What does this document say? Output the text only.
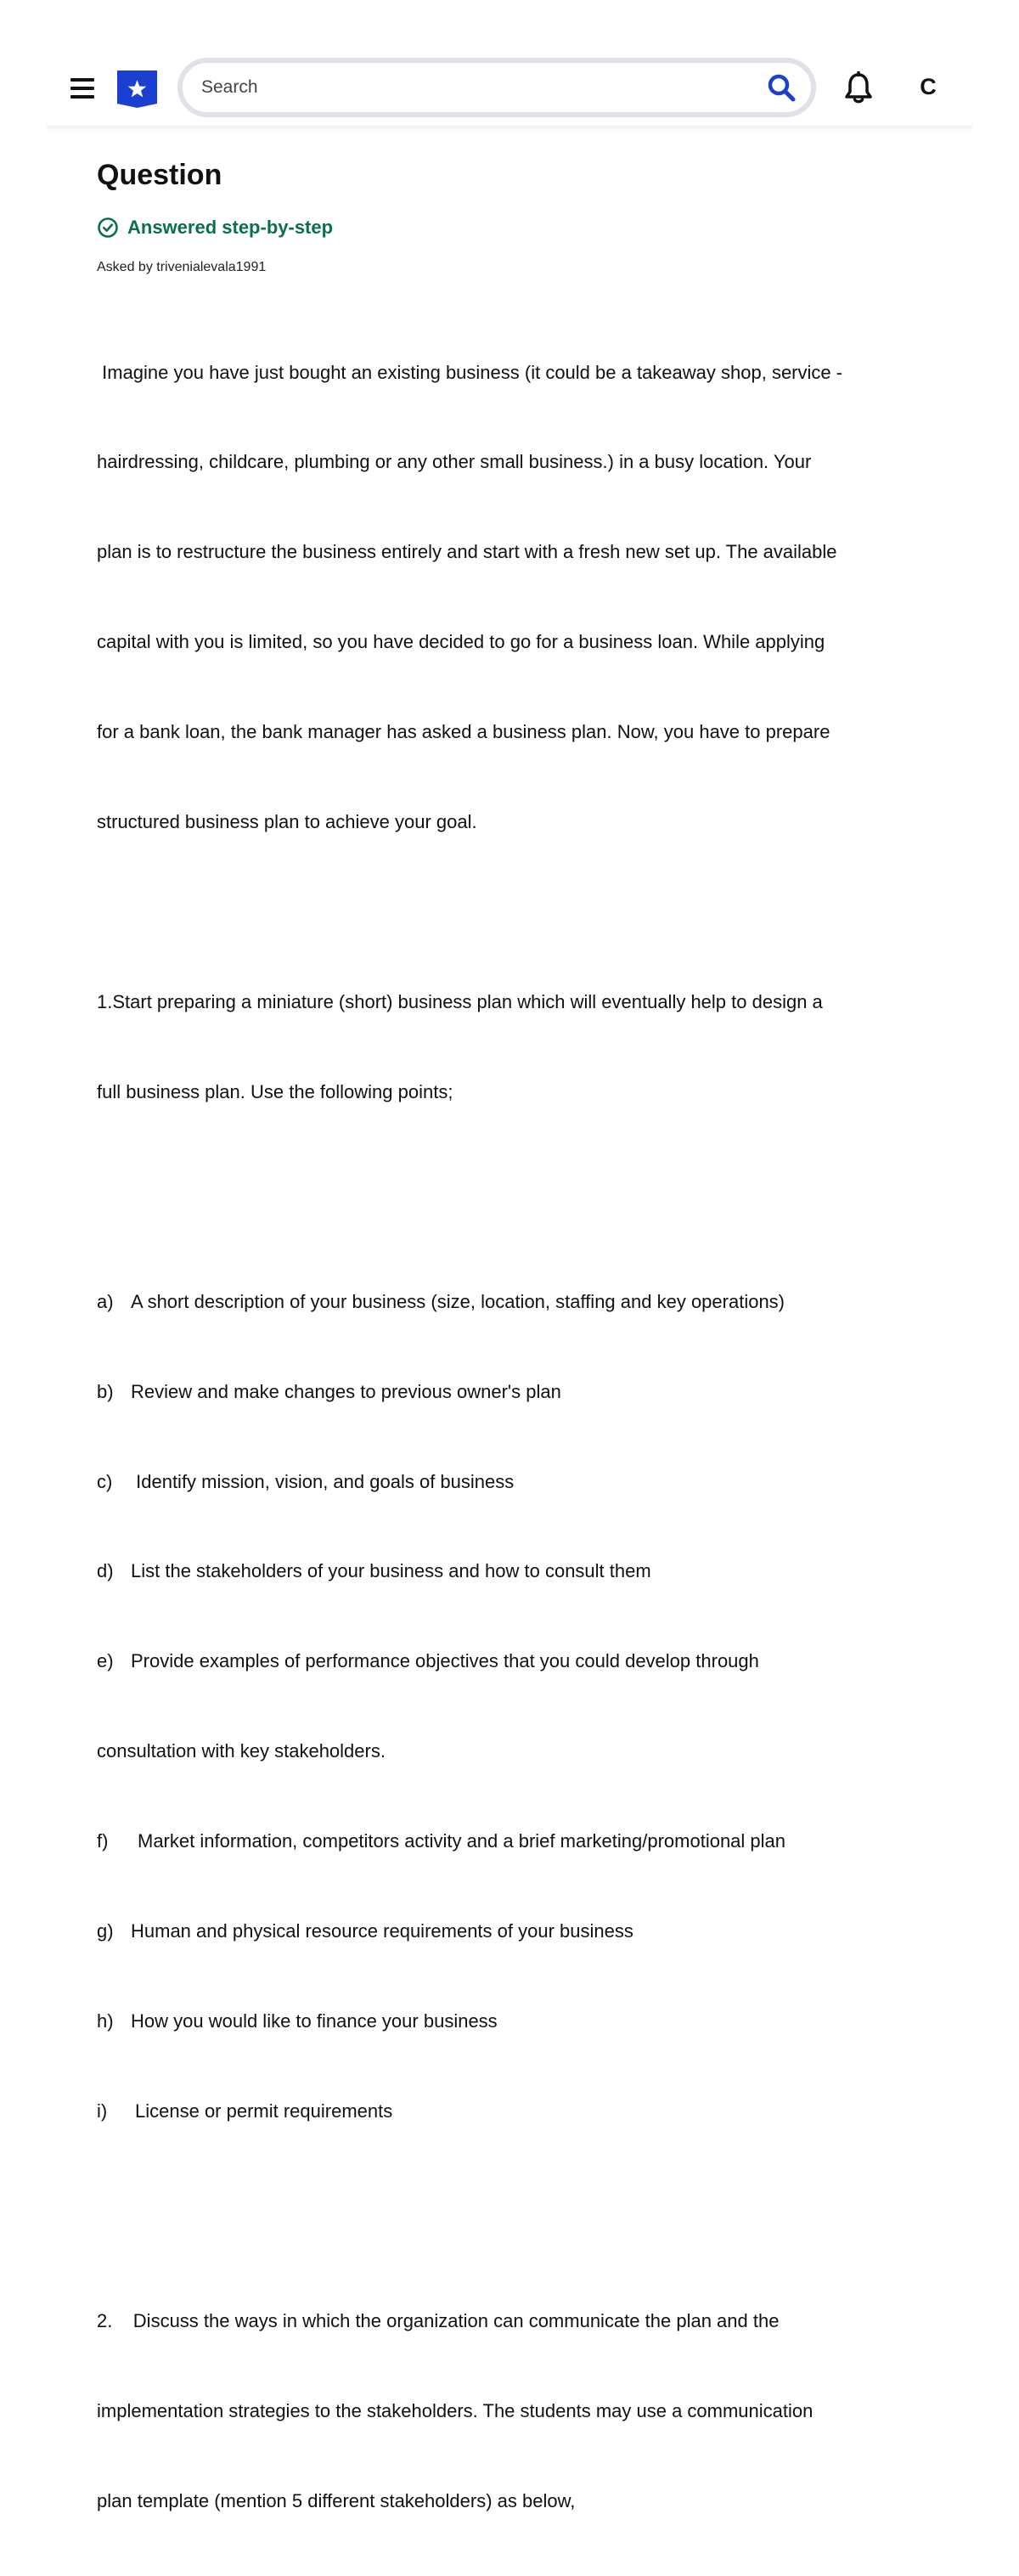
Search
C
Question
Answered step-by-step
Asked by trivenialevala1991

Imagine you have just bought an existing business (it could be a takeaway shop, service -

hairdressing, childcare, plumbing or any other small business.) in a busy location. Your

plan is to restructure the business entirely and start with a fresh new set up. The available

capital with you is limited, so you have decided to go for a business loan. While applying

for a bank loan, the bank manager has asked a business plan. Now, you have to prepare

structured business plan to achieve your goal.

1.Start preparing a miniature (short) business plan which will eventually help to design a

full business plan. Use the following points;

a) A short description of your business (size, location, staffing and key operations)

b) Review and make changes to previous owner's plan

c) Identify mission, vision, and goals of business

d) List the stakeholders of your business and how to consult them

e) Provide examples of performance objectives that you could develop through

consultation with key stakeholders.

f)	Market information, competitors activity and a brief marketing/promotional plan

g) Human and physical resource requirements of your business

h) How you would like to finance your business

i)	License or permit requirements

2.    Discuss the ways in which the organization can communicate the plan and the

implementation strategies to the stakeholders. The students may use a communication

plan template (mention 5 different stakeholders) as below,
